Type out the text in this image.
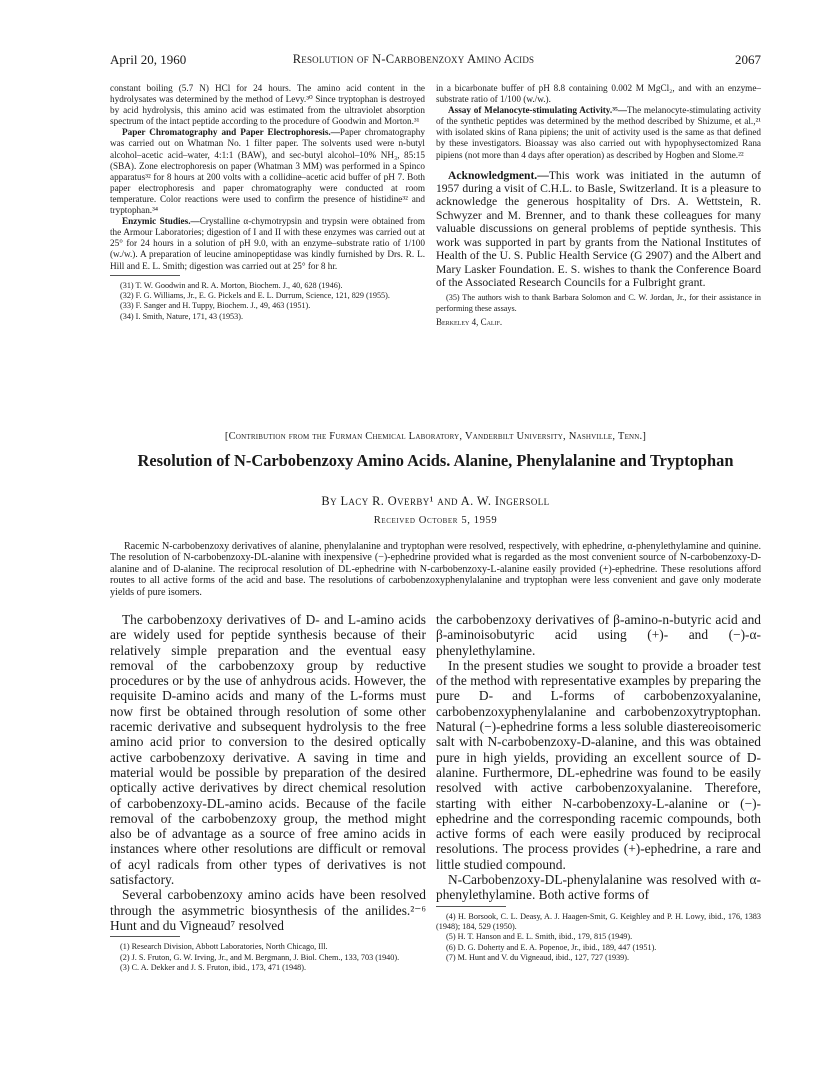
April 20, 1960	Resolution of N-Carbobenzoxy Amino Acids	2067

constant boiling (5.7 N) HCl for 24 hours. The amino acid content in the hydrolysates was determined by the method of Levy.³⁰ Since tryptophan is destroyed by acid hydrolysis, this amino acid was estimated from the ultraviolet absorption spectrum of the intact peptide according to the procedure of Goodwin and Morton.³¹

Paper Chromatography and Paper Electrophoresis.—Paper chromatography was carried out on Whatman No. 1 filter paper. The solvents used were n-butyl alcohol–acetic acid–water, 4:1:1 (BAW), and sec-butyl alcohol–10% NH₃, 85:15 (SBA). Zone electrophoresis on paper (Whatman 3 MM) was performed in a Spinco apparatus³² for 8 hours at 200 volts with a collidine–acetic acid buffer of pH 7. Both paper electrophoresis and paper chromatography were conducted at room temperature. Color reactions were used to confirm the presence of histidine³² and tryptophan.³⁴

Enzymic Studies.—Crystalline α-chymotrypsin and trypsin were obtained from the Armour Laboratories; digestion of I and II with these enzymes was carried out at 25° for 24 hours in a solution of pH 9.0, with an enzyme–substrate ratio of 1/100 (w./w.). A preparation of leucine aminopeptidase was kindly furnished by Drs. R. L. Hill and E. L. Smith; digestion was carried out at 25° for 8 hr.

(31) T. W. Goodwin and R. A. Morton, Biochem. J., 40, 628 (1946).

(32) F. G. Williams, Jr., E. G. Pickels and E. L. Durrum, Science, 121, 829 (1955).

(33) F. Sanger and H. Tuppy, Biochem. J., 49, 463 (1951).

(34) I. Smith, Nature, 171, 43 (1953).

in a bicarbonate buffer of pH 8.8 containing 0.002 M MgCl₂, and with an enzyme–substrate ratio of 1/100 (w./w.).

Assay of Melanocyte-stimulating Activity.³⁵—The melanocyte-stimulating activity of the synthetic peptides was determined by the method described by Shizume, et al.,²¹ with isolated skins of Rana pipiens; the unit of activity used is the same as that defined by these investigators. Bioassay was also carried out with hypophysectomized Rana pipiens (not more than 4 days after operation) as described by Hogben and Slome.²²

Acknowledgment.—This work was initiated in the autumn of 1957 during a visit of C.H.L. to Basle, Switzerland. It is a pleasure to acknowledge the generous hospitality of Drs. A. Wettstein, R. Schwyzer and M. Brenner, and to thank these colleagues for many valuable discussions on general problems of peptide synthesis. This work was supported in part by grants from the National Institutes of Health of the U. S. Public Health Service (G 2907) and the Albert and Mary Lasker Foundation. E. S. wishes to thank the Conference Board of the Associated Research Councils for a Fulbright grant.

(35) The authors wish to thank Barbara Solomon and C. W. Jordan, Jr., for their assistance in performing these assays.

Berkeley 4, Calif.

[Contribution from the Furman Chemical Laboratory, Vanderbilt University, Nashville, Tenn.]
Resolution of N-Carbobenzoxy Amino Acids. Alanine, Phenylalanine and Tryptophan
By Lacy R. Overby¹ and A. W. Ingersoll
Received October 5, 1959

Racemic N-carbobenzoxy derivatives of alanine, phenylalanine and tryptophan were resolved, respectively, with ephedrine, α-phenylethylamine and quinine. The resolution of N-carbobenzoxy-DL-alanine with inexpensive (−)-ephedrine provided what is regarded as the most convenient source of N-carbobenzoxy-D-alanine and of D-alanine. The reciprocal resolution of DL-ephedrine with N-carbobenzoxy-L-alanine easily provided (+)-ephedrine. These resolutions afford routes to all active forms of the acid and base. The resolutions of carbobenzoxyphenylalanine and tryptophan were less convenient and gave only moderate yields of pure isomers.

The carbobenzoxy derivatives of D- and L-amino acids are widely used for peptide synthesis because of their relatively simple preparation and the eventual easy removal of the carbobenzoxy group by reductive procedures or by the use of anhydrous acids. However, the requisite D-amino acids and many of the L-forms must now first be obtained through resolution of some other racemic derivative and subsequent hydrolysis to the free amino acid prior to conversion to the desired optically active carbobenzoxy derivative. A saving in time and material would be possible by preparation of the desired optically active derivatives by direct chemical resolution of carbobenzoxy-DL-amino acids. Because of the facile removal of the carbobenzoxy group, the method might also be of advantage as a source of free amino acids in instances where other resolutions are difficult or removal of acyl radicals from other types of derivatives is not satisfactory.

Several carbobenzoxy amino acids have been resolved through the asymmetric biosynthesis of the anilides.²⁻⁶ Hunt and du Vigneaud⁷ resolved

(1) Research Division, Abbott Laboratories, North Chicago, Ill.

(2) J. S. Fruton, G. W. Irving, Jr., and M. Bergmann, J. Biol. Chem., 133, 703 (1940).

(3) C. A. Dekker and J. S. Fruton, ibid., 173, 471 (1948).

the carbobenzoxy derivatives of β-amino-n-butyric acid and β-aminoisobutyric acid using (+)- and (−)-α-phenylethylamine.

In the present studies we sought to provide a broader test of the method with representative examples by preparing the pure D- and L-forms of carbobenzoxyalanine, carbobenzoxyphenylalanine and carbobenzoxytryptophan. Natural (−)-ephedrine forms a less soluble diastereoisomeric salt with N-carbobenzoxy-D-alanine, and this was obtained pure in high yields, providing an excellent source of D-alanine. Furthermore, DL-ephedrine was found to be easily resolved with active carbobenzoxyalanine. Therefore, starting with either N-carbobenzoxy-L-alanine or (−)-ephedrine and the corresponding racemic compounds, both active forms of each were easily produced by reciprocal resolutions. The process provides (+)-ephedrine, a rare and little studied compound.

N-Carbobenzoxy-DL-phenylalanine was resolved with α-phenylethylamine. Both active forms of

(4) H. Borsook, C. L. Deasy, A. J. Haagen-Smit, G. Keighley and P. H. Lowy, ibid., 176, 1383 (1948); 184, 529 (1950).

(5) H. T. Hanson and E. L. Smith, ibid., 179, 815 (1949).

(6) D. G. Doherty and E. A. Popenoe, Jr., ibid., 189, 447 (1951).

(7) M. Hunt and V. du Vigneaud, ibid., 127, 727 (1939).
